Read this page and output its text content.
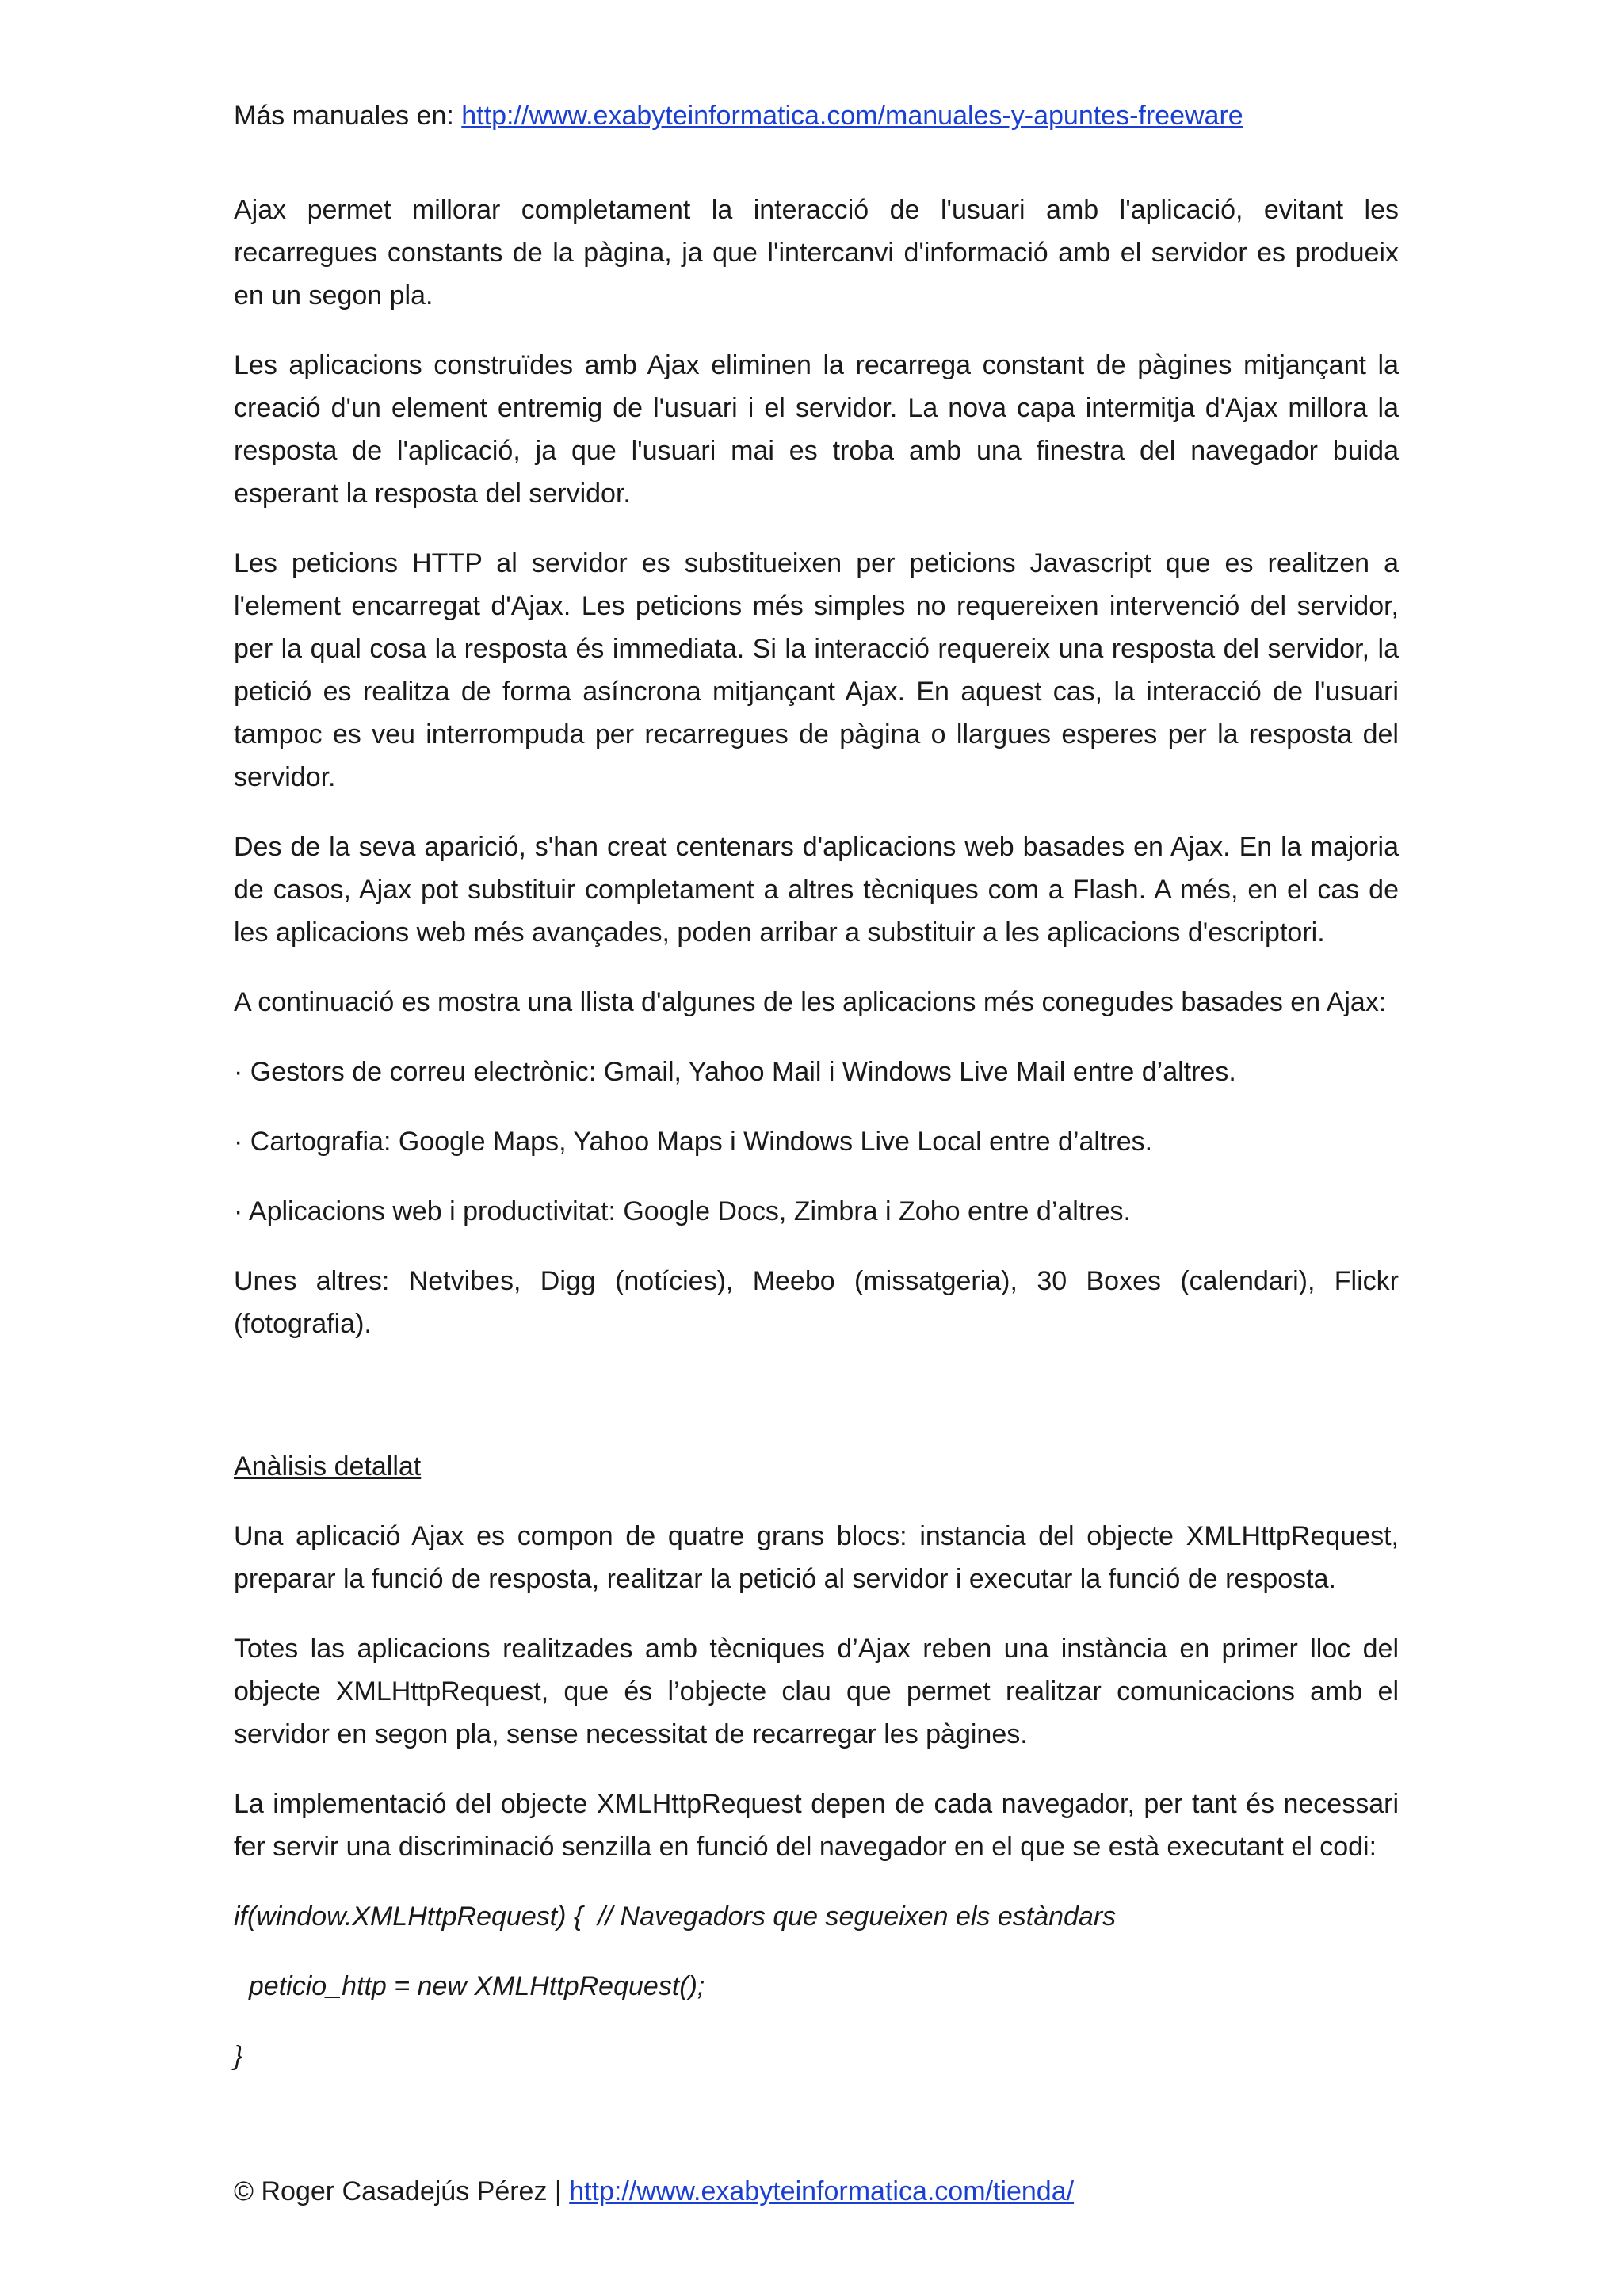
Más manuales en: http://www.exabyteinformatica.com/manuales-y-apuntes-freeware

Ajax permet millorar completament la interacció de l'usuari amb l'aplicació, evitant les recarregues constants de la pàgina, ja que l'intercanvi d'informació amb el servidor es produeix en un segon pla.

Les aplicacions construïdes amb Ajax eliminen la recarrega constant de pàgines mitjançant la creació d'un element entremig de l'usuari i el servidor. La nova capa intermitja d'Ajax millora la resposta de l'aplicació, ja que l'usuari mai es troba amb una finestra del navegador buida esperant la resposta del servidor.

Les peticions HTTP al servidor es substitueixen per peticions Javascript que es realitzen a l'element encarregat d'Ajax. Les peticions més simples no requereixen intervenció del servidor, per la qual cosa la resposta és immediata. Si la interacció requereix una resposta del servidor, la petició es realitza de forma asíncrona mitjançant Ajax. En aquest cas, la interacció de l'usuari tampoc es veu interrompuda per recarregues de pàgina o llargues esperes per la resposta del servidor.

Des de la seva aparició, s'han creat centenars d'aplicacions web basades en Ajax. En la majoria de casos, Ajax pot substituir completament a altres tècniques com a Flash. A més, en el cas de les aplicacions web més avançades, poden arribar a substituir a les aplicacions d'escriptori.

A continuació es mostra una llista d'algunes de les aplicacions més conegudes basades en Ajax:

· Gestors de correu electrònic: Gmail, Yahoo Mail i Windows Live Mail entre d’altres.

· Cartografia: Google Maps, Yahoo Maps i Windows Live Local entre d’altres.

· Aplicacions web i productivitat: Google Docs, Zimbra i Zoho entre d’altres.

Unes altres: Netvibes, Digg (notícies), Meebo (missatgeria), 30 Boxes (calendari), Flickr (fotografia).

Anàlisis detallat

Una aplicació Ajax es compon de quatre grans blocs: instancia del objecte XMLHttpRequest, preparar la funció de resposta, realitzar la petició al servidor i executar la funció de resposta.

Totes las aplicacions realitzades amb tècniques d’Ajax reben una instància en primer lloc del objecte XMLHttpRequest, que és l’objecte clau que permet realitzar comunicacions amb el servidor en segon pla, sense necessitat de recarregar les pàgines.

La implementació del objecte XMLHttpRequest depen de cada navegador, per tant és necessari fer servir una discriminació senzilla en funció del navegador en el que se està executant el codi:

if(window.XMLHttpRequest) {  // Navegadors que segueixen els estàndars
peticio_http = new XMLHttpRequest();
}
© Roger Casadejús Pérez | http://www.exabyteinformatica.com/tienda/
